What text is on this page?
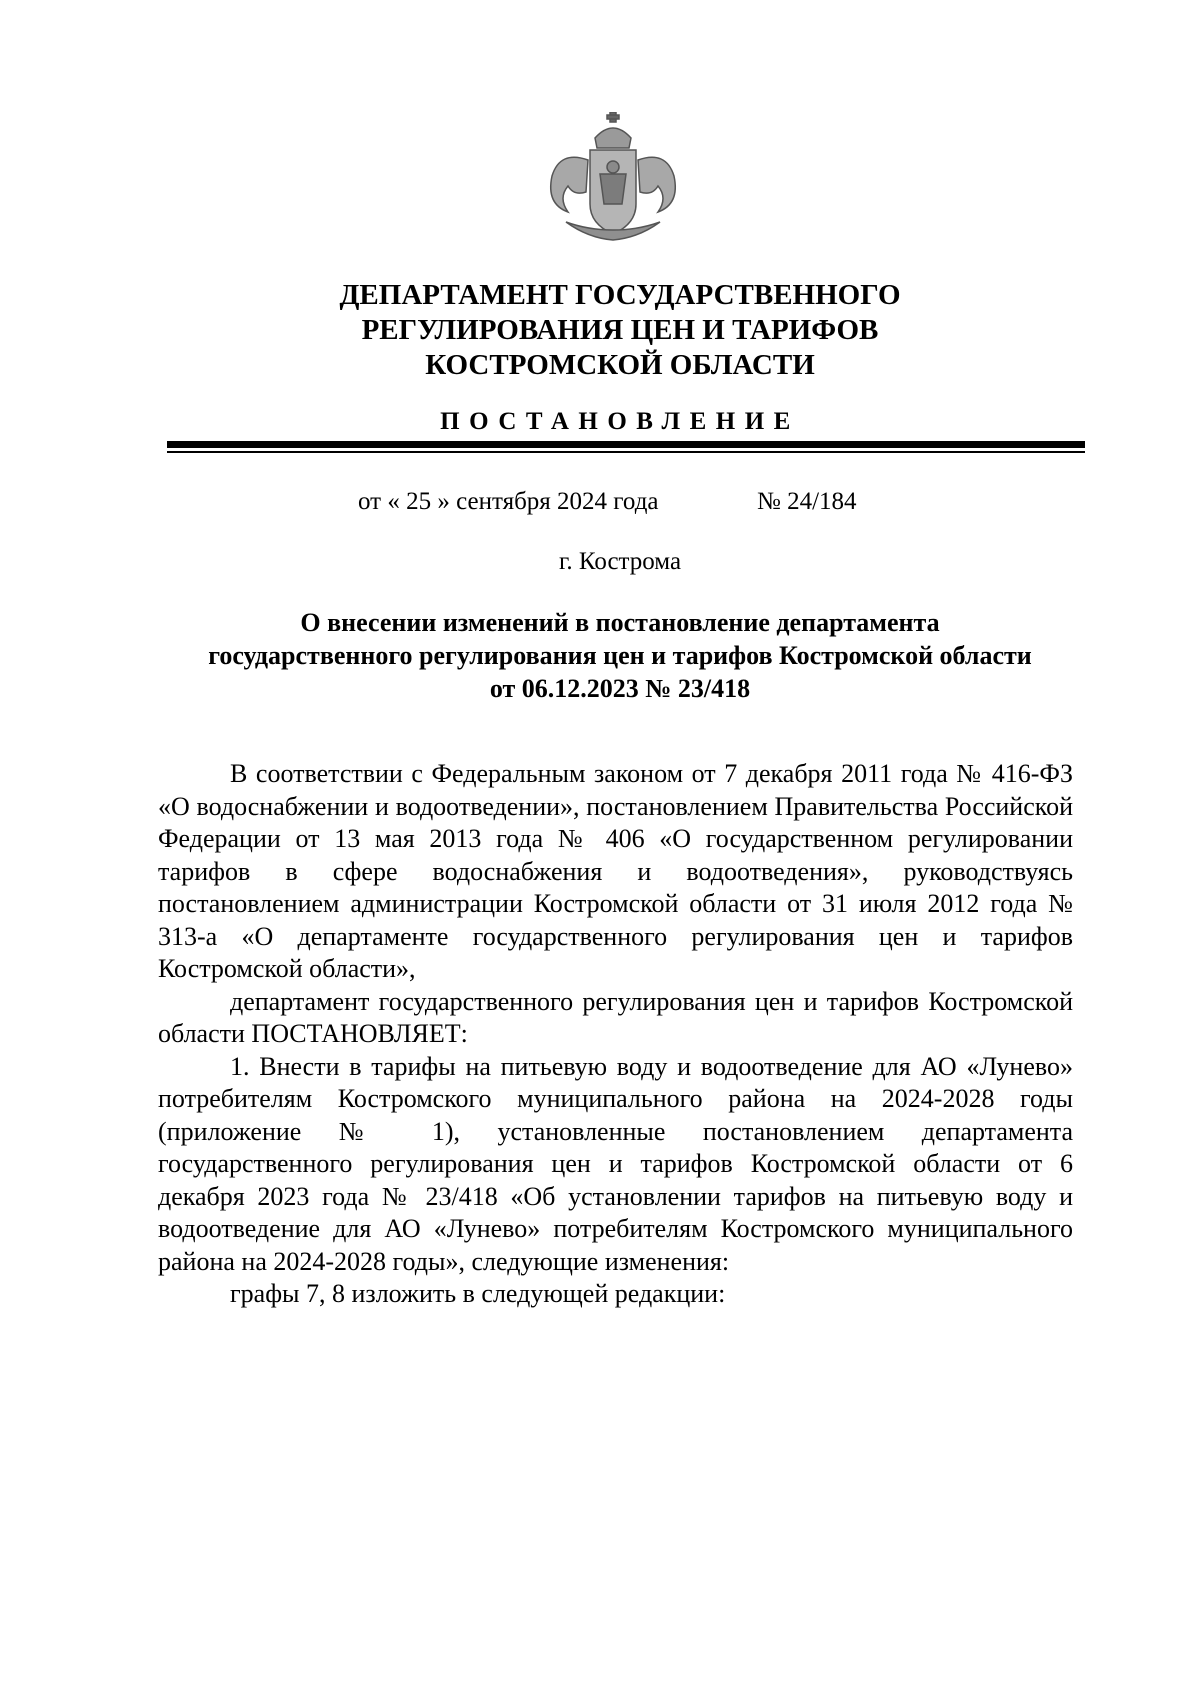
ДЕПАРТАМЕНТ ГОСУДАРСТВЕННОГО
РЕГУЛИРОВАНИЯ ЦЕН И ТАРИФОВ
КОСТРОМСКОЙ ОБЛАСТИ
ПОСТАНОВЛЕНИЕ
от « 25 » сентября 2024 года	№ 24/184
г. Кострома
О внесении изменений в постановление департамента
государственного регулирования цен и тарифов Костромской области
от 06.12.2023 № 23/418

В соответствии с Федеральным законом от 7 декабря 2011 года № 416-ФЗ «О водоснабжении и водоотведении», постановлением Правительства Российской Федерации от 13 мая 2013 года № 406 «О государственном регулировании тарифов в сфере водоснабжения и водоотведения», руководствуясь постановлением администрации Костромской области от 31 июля 2012 года № 313-а «О департаменте государственного регулирования цен и тарифов Костромской области»,

департамент государственного регулирования цен и тарифов Костромской области ПОСТАНОВЛЯЕТ:

1. Внести в тарифы на питьевую воду и водоотведение для АО «Лунево» потребителям Костромского муниципального района на 2024-2028 годы (приложение № 1), установленные постановлением департамента государственного регулирования цен и тарифов Костромской области от 6 декабря 2023 года № 23/418 «Об установлении тарифов на питьевую воду и водоотведение для АО «Лунево» потребителям Костромского муниципального района на 2024-2028 годы», следующие изменения:

графы 7, 8 изложить в следующей редакции:
